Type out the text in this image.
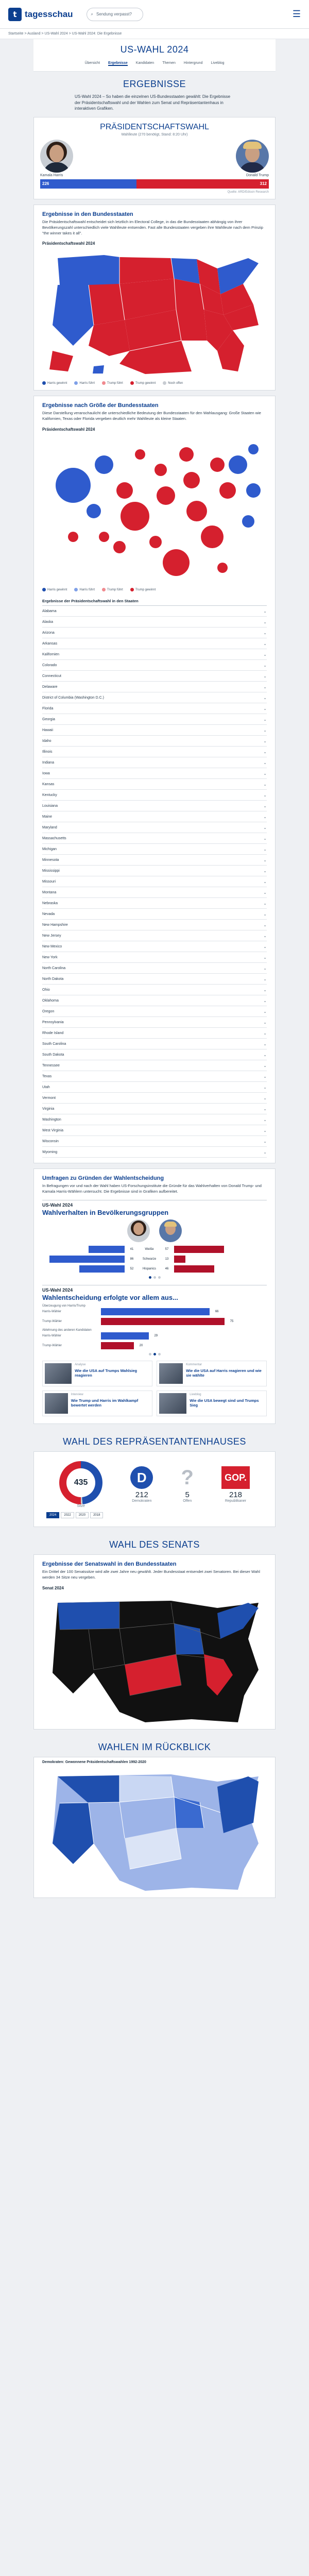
t tagesschau	⌕ Sendung verpasst?	☰
Startseite > Ausland > US-Wahl 2024 > US-Wahl 2024: Die Ergebnisse
US-WAHL 2024
Übersicht Ergebnisse Kandidaten Themen Hintergrund Liveblog
ERGEBNISSE

US-Wahl 2024 – So haben die einzelnen US-Bundesstaaten gewählt: Die Ergebnisse der Präsidentschaftswahl und der Wahlen zum Senat und Repräsentantenhaus in interaktiven Grafiken.

PRÄSIDENTSCHAFTSWAHL
Wahlleute (270 benötigt, Stand: 8:20 Uhr)
Kamala Harris	Donald Trump
226	312
Quelle: ARD/Edison Research
Ergebnisse in den Bundesstaaten

Die Präsidentschaftswahl entscheidet sich letztlich im Electoral College, in das die Bundesstaaten abhängig von ihrer Bevölkerungszahl unterschiedlich viele Wahlleute entsenden. Fast alle Bundesstaaten vergeben ihre Wahlleute nach dem Prinzip "the winner takes it all".

Präsidentschaftswahl 2024
Harris gewinnt	Harris führt	Trump führt	Trump gewinnt	Noch offen
Ergebnisse nach Größe der Bundesstaaten

Diese Darstellung veranschaulicht die unterschiedliche Bedeutung der Bundesstaaten für den Wahlausgang: Große Staaten wie Kalifornien, Texas oder Florida vergeben deutlich mehr Wahlleute als kleine Staaten.

Präsidentschaftswahl 2024
Harris gewinnt	Harris führt	Trump führt	Trump gewinnt
Ergebnisse der Präsidentschaftswahl in den Staaten
Alabama	⌄
Alaska	⌄
Arizona	⌄
Arkansas	⌄
Kalifornien	⌄
Colorado	⌄
Connecticut	⌄
Delaware	⌄
District of Columbia (Washington D.C.)	⌄
Florida	⌄
Georgia	⌄
Hawaii	⌄
Idaho	⌄
Illinois	⌄
Indiana	⌄
Iowa	⌄
Kansas	⌄
Kentucky	⌄
Louisiana	⌄
Maine	⌄
Maryland	⌄
Massachusetts	⌄
Michigan	⌄
Minnesota	⌄
Mississippi	⌄
Missouri	⌄
Montana	⌄
Nebraska	⌄
Nevada	⌄
New Hampshire	⌄
New Jersey	⌄
New Mexico	⌄
New York	⌄
North Carolina	⌄
North Dakota	⌄
Ohio	⌄
Oklahoma	⌄
Oregon	⌄
Pennsylvania	⌄
Rhode Island	⌄
South Carolina	⌄
South Dakota	⌄
Tennessee	⌄
Texas	⌄
Utah	⌄
Vermont	⌄
Virginia	⌄
Washington	⌄
West Virginia	⌄
Wisconsin	⌄
Wyoming	⌄
Umfragen zu Gründen der Wahlentscheidung

In Befragungen vor und nach der Wahl haben US-Forschungsinstitute die Gründe für das Wahlverhalten von Donald Trump- und Kamala Harris-Wählern untersucht. Die Ergebnisse sind in Grafiken aufbereitet.

US-Wahl 2024
Wahlverhalten in Bevölkerungsgruppen
41	Weiße	57
86	Schwarze	13
52	Hispanics	46
US-Wahl 2024
Wahlentscheidung erfolgte vor allem aus...
Überzeugung von Harris/Trump
Harris-Wähler	66
Trump-Wähler	75
Ablehnung des anderen Kandidaten
Harris-Wähler	29
Trump-Wähler	20
Analyse
Wie die USA auf Trumps Wahlsieg reagieren
Kommentar
Wie die USA auf Harris reagieren und wie sie wählte
Interview
Wie Trump und Harris im Wahlkampf bewertet werden
Liveblog
Wie die USA bewegt sind und Trumps Sieg
WAHL DES REPRÄSENTANTENHAUSES
435
Sitze
D
212
Demokraten
?
5
Offen
GOP.
218
Republikaner
2024	2022	2020	2018
WAHL DES SENATS
Ergebnisse der Senatswahl in den Bundesstaaten

Ein Drittel der 100 Senatssitze wird alle zwei Jahre neu gewählt. Jeder Bundesstaat entsendet zwei Senatoren. Bei dieser Wahl werden 34 Sitze neu vergeben.

Senat 2024
WAHLEN IM RÜCKBLICK
Demokraten: Gewonnene Präsidentschaftswahlen 1992-2020
